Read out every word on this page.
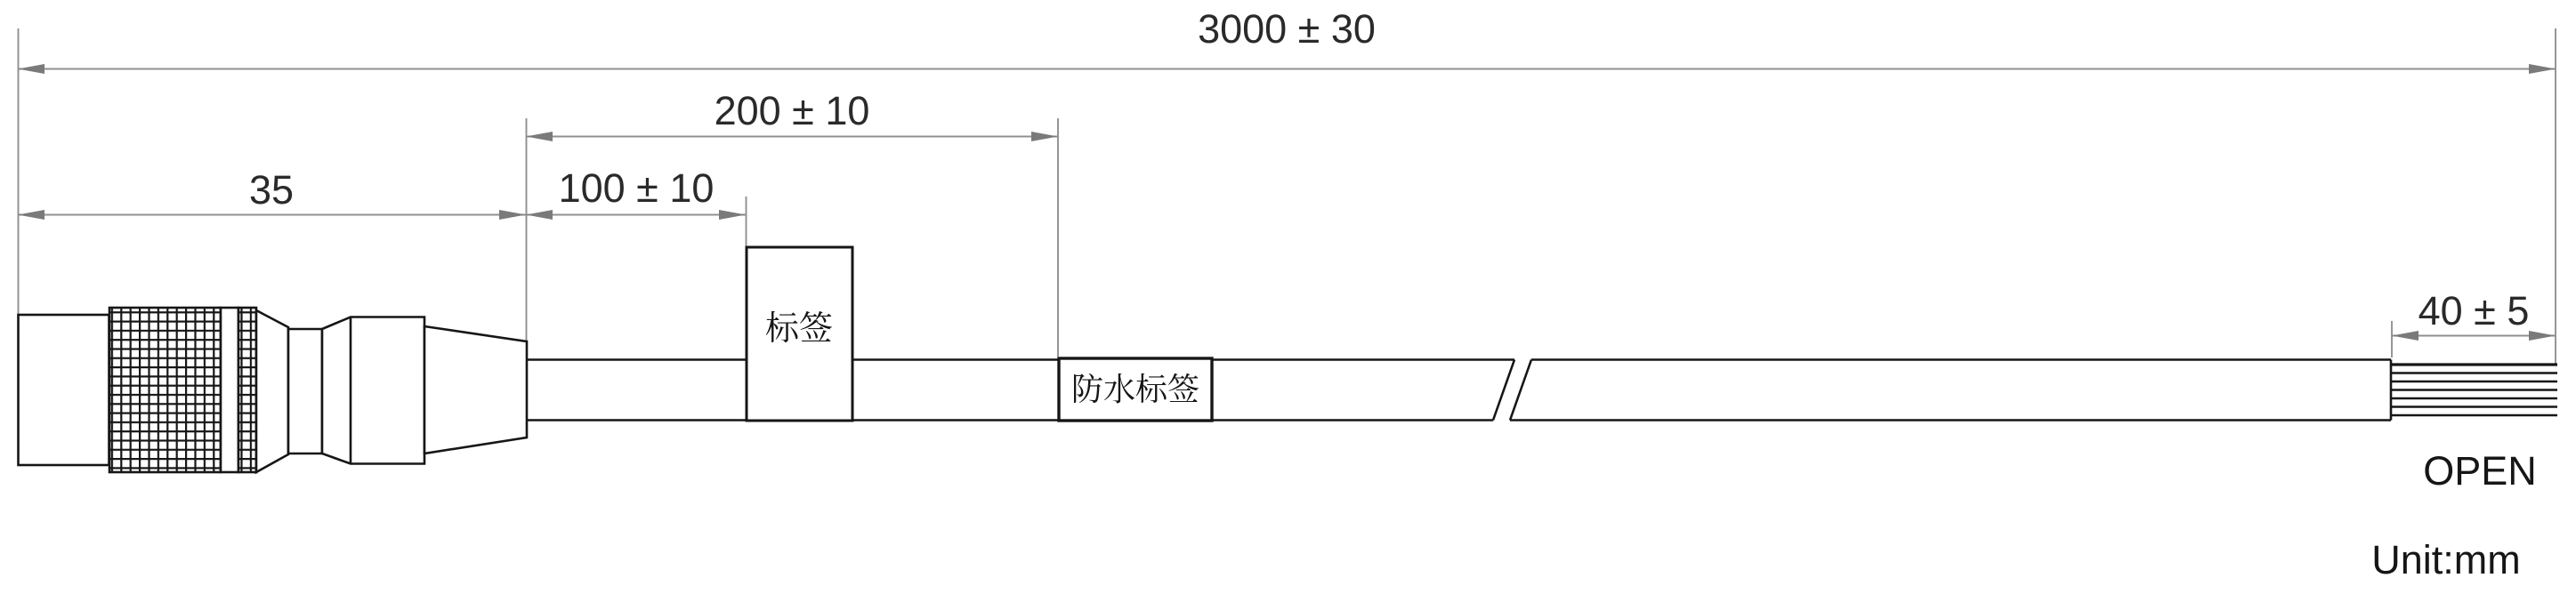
3000 ± 30
200 ± 10
35	100 ± 10
40 ± 5
标签
防水标签
OPEN
Unit:mm
